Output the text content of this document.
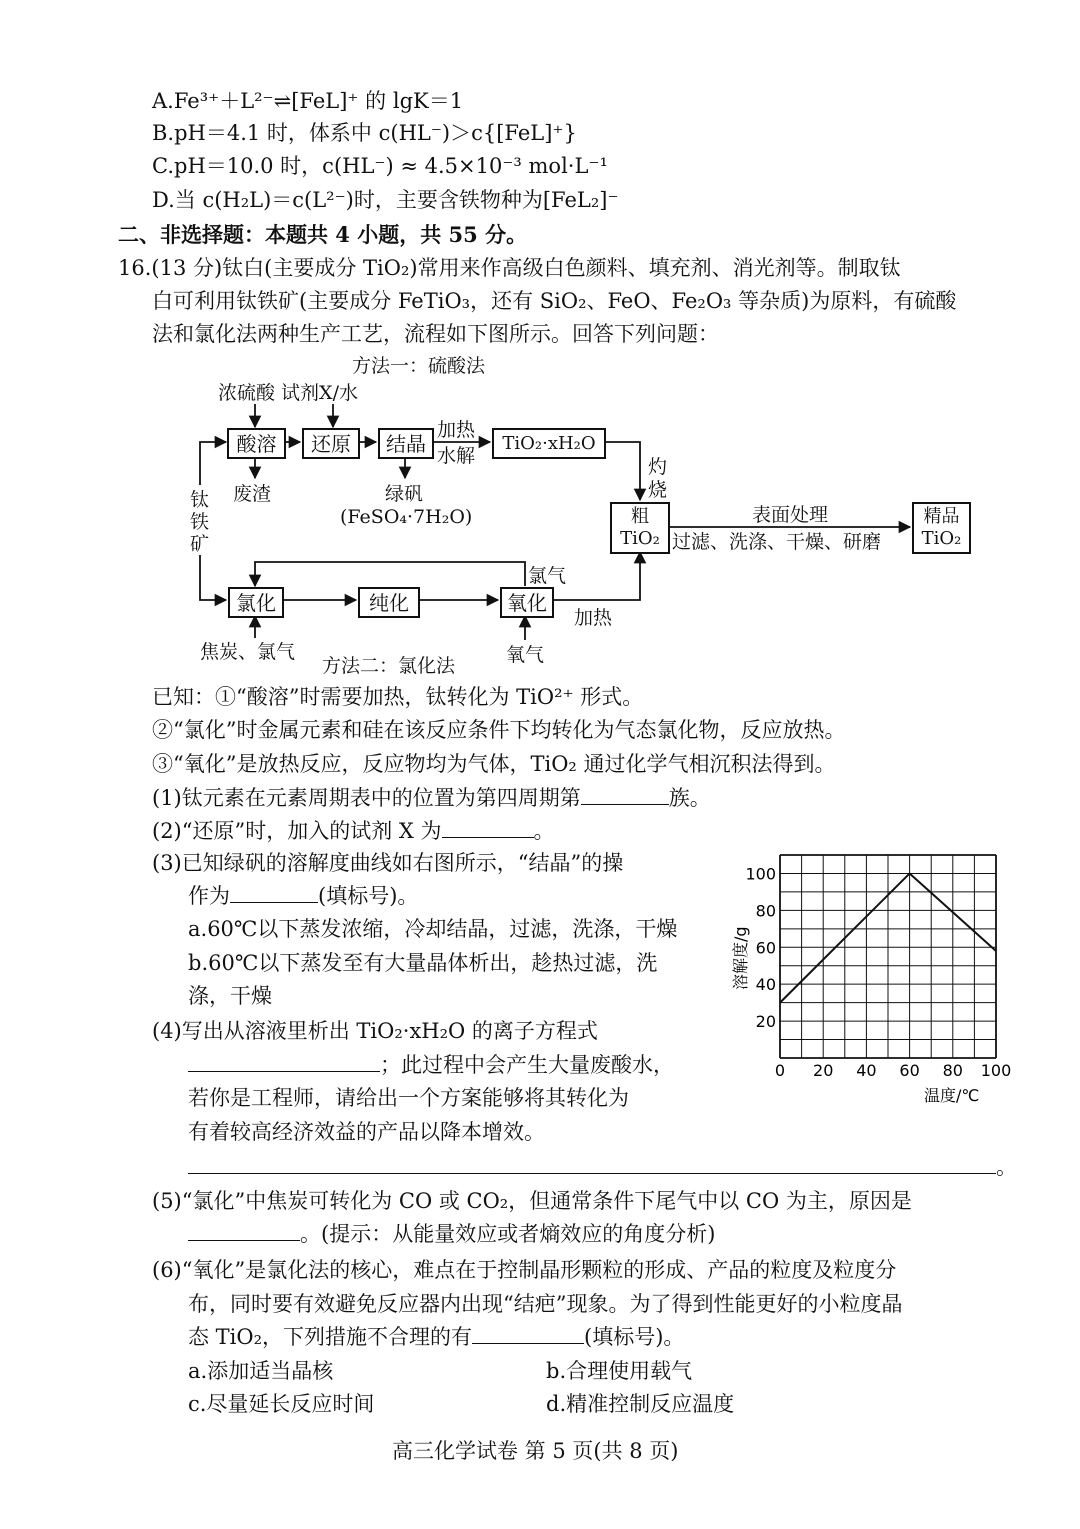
A.Fe³⁺＋L²⁻⇌[FeL]⁺ 的 lgK＝1
B.pH＝4.1 时，体系中 c(HL⁻)＞c{[FeL]⁺}
C.pH＝10.0 时，c(HL⁻) ≈ 4.5×10⁻³ mol·L⁻¹
D.当 c(H₂L)＝c(L²⁻)时，主要含铁物种为[FeL₂]⁻
二、非选择题：本题共 4 小题，共 55 分。
16.(13 分)钛白(主要成分 TiO₂)常用来作高级白色颜料、填充剂、消光剂等。制取钛
白可利用钛铁矿(主要成分 FeTiO₃，还有 SiO₂、FeO、Fe₂O₃ 等杂质)为原料，有硫酸
法和氯化法两种生产工艺，流程如下图所示。回答下列问题：
方法一：硫酸法
浓硫酸 试剂X/水
酸溶	还原	结晶
加热
水解
TiO₂·xH₂O
灼
烧
废渣	绿矾
(FeSO₄·7H₂O)
钛
铁
矿
粗
TiO₂
表面处理
过滤、洗涤、干燥、研磨
精品
TiO₂
氯气
氯化	纯化	氧化
加热
焦炭、氯气
方法二：氯化法	氧气
已知：①“酸溶”时需要加热，钛转化为 TiO²⁺ 形式。
②“氯化”时金属元素和硅在该反应条件下均转化为气态氯化物，反应放热。
③“氧化”是放热反应，反应物均为气体，TiO₂ 通过化学气相沉积法得到。
(1)钛元素在元素周期表中的位置为第四周期第	族。
(2)“还原”时，加入的试剂 X 为	。
(3)已知绿矾的溶解度曲线如右图所示，“结晶”的操
作为	(填标号)。
a.60℃以下蒸发浓缩，冷却结晶，过滤，洗涤，干燥
b.60℃以下蒸发至有大量晶体析出，趁热过滤，洗
涤，干燥
(4)写出从溶液里析出 TiO₂·xH₂O 的离子方程式
；此过程中会产生大量废酸水，
若你是工程师，请给出一个方案能够将其转化为
有着较高经济效益的产品以降本增效。
。
(5)“氯化”中焦炭可转化为 CO 或 CO₂，但通常条件下尾气中以 CO 为主，原因是
。(提示：从能量效应或者熵效应的角度分析)
(6)“氧化”是氯化法的核心，难点在于控制晶形颗粒的形成、产品的粒度及粒度分
布，同时要有效避免反应器内出现“结疤”现象。为了得到性能更好的小粒度晶
态 TiO₂，下列措施不合理的有	(填标号)。
a.添加适当晶核	b.合理使用载气
c.尽量延长反应时间	d.精准控制反应温度
高三化学试卷 第 5 页(共 8 页)
0 20 40 60 80 100
20
40
60
80
100
溶解度/g
温度/℃
